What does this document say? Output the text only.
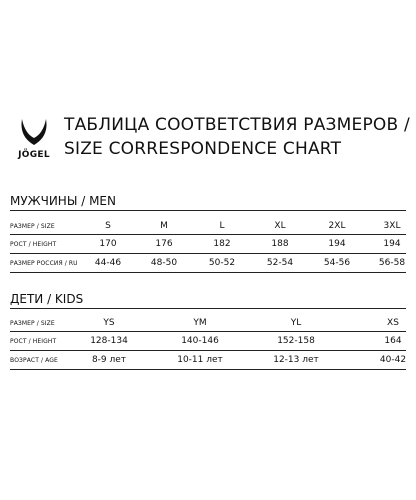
JÖGEL
ТАБЛИЦА СООТВЕТСТВИЯ РАЗМЕРОВ /
SIZE CORRESPONDENCE CHART
МУЖЧИНЫ / MEN
РАЗМЕР / SIZE	S	M	L	XL	2XL	3XL
РОСТ / HEIGHT	170	176	182	188	194	194
РАЗМЕР РОССИЯ / RU	44-46	48-50	50-52	52-54	54-56	56-58
ДЕТИ / KIDS
РАЗМЕР / SIZE	YS	YM	YL	XS
РОСТ / HEIGHT	128-134	140-146	152-158	164
ВОЗРАСТ / AGE	8-9 лет	10-11 лет	12-13 лет	40-42
